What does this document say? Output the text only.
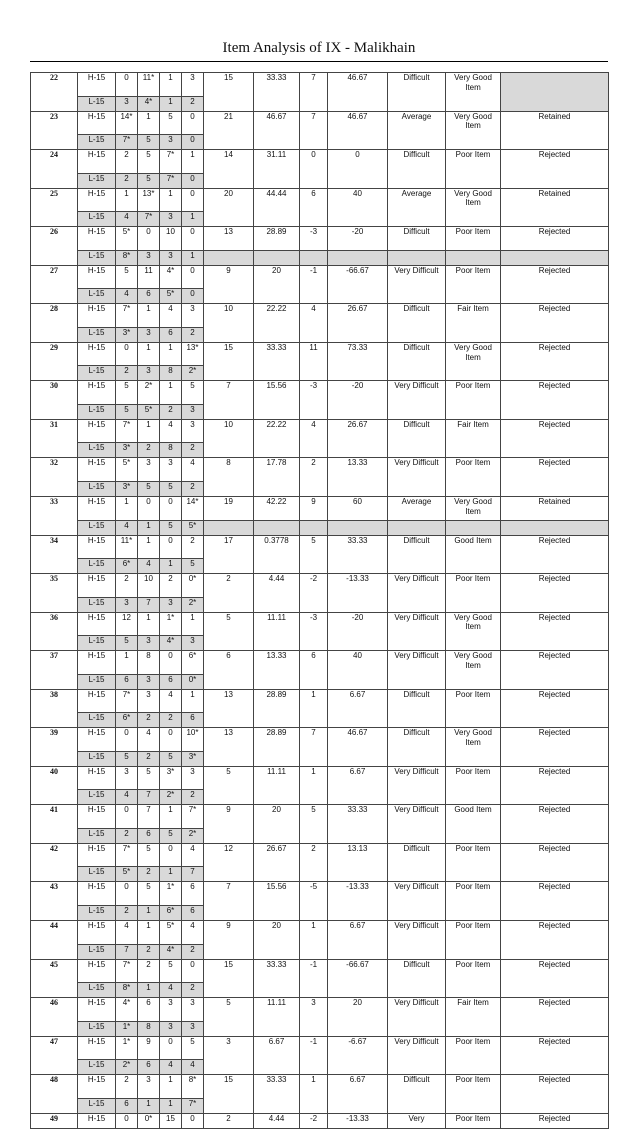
Item Analysis of IX - Malikhain
22	H-15	0	11*	1	3	15	33.33	7	46.67	Difficult	Very Good Item	
	L-15	3	4*	1	2							
23	H-15	14*	1	5	0	21	46.67	7	46.67	Average	Very Good Item	Retained
	L-15	7*	5	3	0							
24	H-15	2	5	7*	1	14	31.11	0	0	Difficult	Poor Item	Rejected
	L-15	2	5	7*	0							
25	H-15	1	13*	1	0	20	44.44	6	40	Average	Very Good Item	Retained
	L-15	4	7*	3	1							
26	H-15	5*	0	10	0	13	28.89	-3	-20	Difficult	Poor Item	Rejected
	L-15	8*	3	3	1							
27	H-15	5	11	4*	0	9	20	-1	-66.67	Very Difficult	Poor Item	Rejected
	L-15	4	6	5*	0							
28	H-15	7*	1	4	3	10	22.22	4	26.67	Difficult	Fair Item	Rejected
	L-15	3*	3	6	2							
29	H-15	0	1	1	13*	15	33.33	11	73.33	Difficult	Very Good Item	Rejected
	L-15	2	3	8	2*							
30	H-15	5	2*	1	5	7	15.56	-3	-20	Very Difficult	Poor Item	Rejected
	L-15	5	5*	2	3							
31	H-15	7*	1	4	3	10	22.22	4	26.67	Difficult	Fair Item	Rejected
	L-15	3*	2	8	2							
32	H-15	5*	3	3	4	8	17.78	2	13.33	Very Difficult	Poor Item	Rejected
	L-15	3*	5	5	2							
33	H-15	1	0	0	14*	19	42.22	9	60	Average	Very Good Item	Retained
	L-15	4	1	5	5*							
34	H-15	11*	1	0	2	17	0.3778	5	33.33	Difficult	Good Item	Rejected
	L-15	6*	4	1	5							
35	H-15	2	10	2	0*	2	4.44	-2	-13.33	Very Difficult	Poor Item	Rejected
	L-15	3	7	3	2*							
36	H-15	12	1	1*	1	5	11.11	-3	-20	Very Difficult	Very Good Item	Rejected
	L-15	5	3	4*	3							
37	H-15	1	8	0	6*	6	13.33	6	40	Very Difficult	Very Good Item	Rejected
	L-15	6	3	6	0*							
38	H-15	7*	3	4	1	13	28.89	1	6.67	Difficult	Poor Item	Rejected
	L-15	6*	2	2	6							
39	H-15	0	4	0	10*	13	28.89	7	46.67	Difficult	Very Good Item	Rejected
	L-15	5	2	5	3*							
40	H-15	3	5	3*	3	5	11.11	1	6.67	Very Difficult	Poor Item	Rejected
	L-15	4	7	2*	2							
41	H-15	0	7	1	7*	9	20	5	33.33	Very Difficult	Good Item	Rejected
	L-15	2	6	5	2*							
42	H-15	7*	5	0	4	12	26.67	2	13.13	Difficult	Poor Item	Rejected
	L-15	5*	2	1	7							
43	H-15	0	5	1*	6	7	15.56	-5	-13.33	Very Difficult	Poor Item	Rejected
	L-15	2	1	6*	6							
44	H-15	4	1	5*	4	9	20	1	6.67	Very Difficult	Poor Item	Rejected
	L-15	7	2	4*	2							
45	H-15	7*	2	5	0	15	33.33	-1	-66.67	Difficult	Poor Item	Rejected
	L-15	8*	1	4	2							
46	H-15	4*	6	3	3	5	11.11	3	20	Very Difficult	Fair Item	Rejected
	L-15	1*	8	3	3							
47	H-15	1*	9	0	5	3	6.67	-1	-6.67	Very Difficult	Poor Item	Rejected
	L-15	2*	6	4	4							
48	H-15	2	3	1	8*	15	33.33	1	6.67	Difficult	Poor Item	Rejected
	L-15	6	1	1	7*							
49	H-15	0	0*	15	0	2	4.44	-2	-13.33	Very	Poor Item	Rejected
